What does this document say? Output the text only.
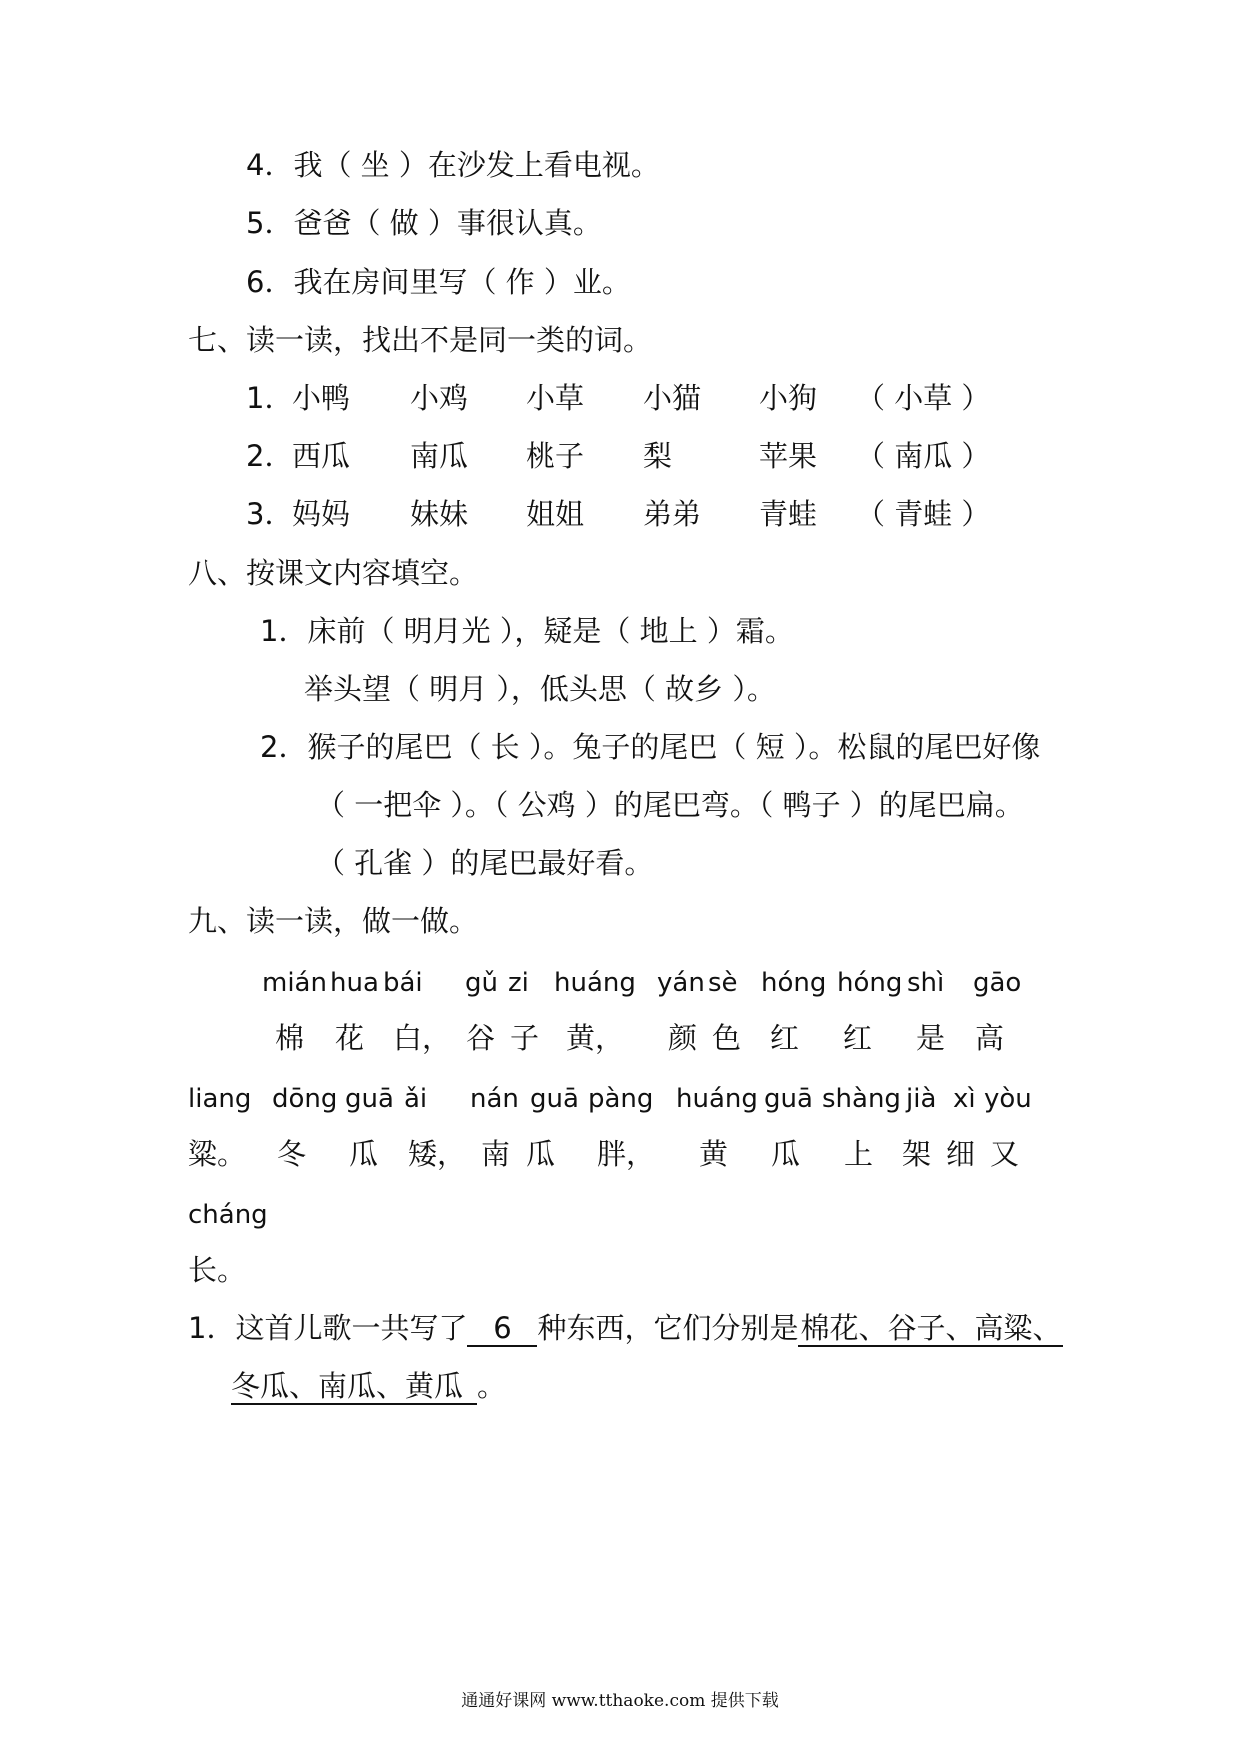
4．我（ 坐 ）在沙发上看电视。
5．爸爸（ 做 ）事很认真。
6．我在房间里写（ 作 ）业。
七、读一读，找出不是同一类的词。
1．
小鸭 小鸡 小草 小猫 小狗 （ 小草 ）
2．
西瓜 南瓜 桃子 梨	苹果 （ 南瓜 ）
3．
妈妈 妹妹 姐姐 弟弟 青蛙 （ 青蛙 ）
八、按课文内容填空。
1．床前（ 明月光 ），疑是（ 地上 ）霜。
举头望（ 明月 ），低头思（ 故乡 ）。
2．猴子的尾巴（ 长 ）。兔子的尾巴（ 短 ）。松鼠的尾巴好像
（ 一把伞 ）。（ 公鸡 ）的尾巴弯。（ 鸭子 ）的尾巴扁。
（ 孔雀 ）的尾巴最好看。
九、读一读，做一做。
mián hua bái gǔ zi huáng yán sè hóng hóng shì gāo
棉 花 白， 谷 子 黄， 颜 色 红 红 是 高
liang dōng guā ǎi nán guā pàng huáng guā shàng jià xì yòu
粱。 冬 瓜 矮， 南 瓜 胖， 黄 瓜 上 架 细 又
cháng
长。
1．这首儿歌一共写了 6 种东西，它们分别是棉花、谷子、高粱、
冬瓜、南瓜、黄瓜 。
通通好课网 www.tthaoke.com 提供下载
